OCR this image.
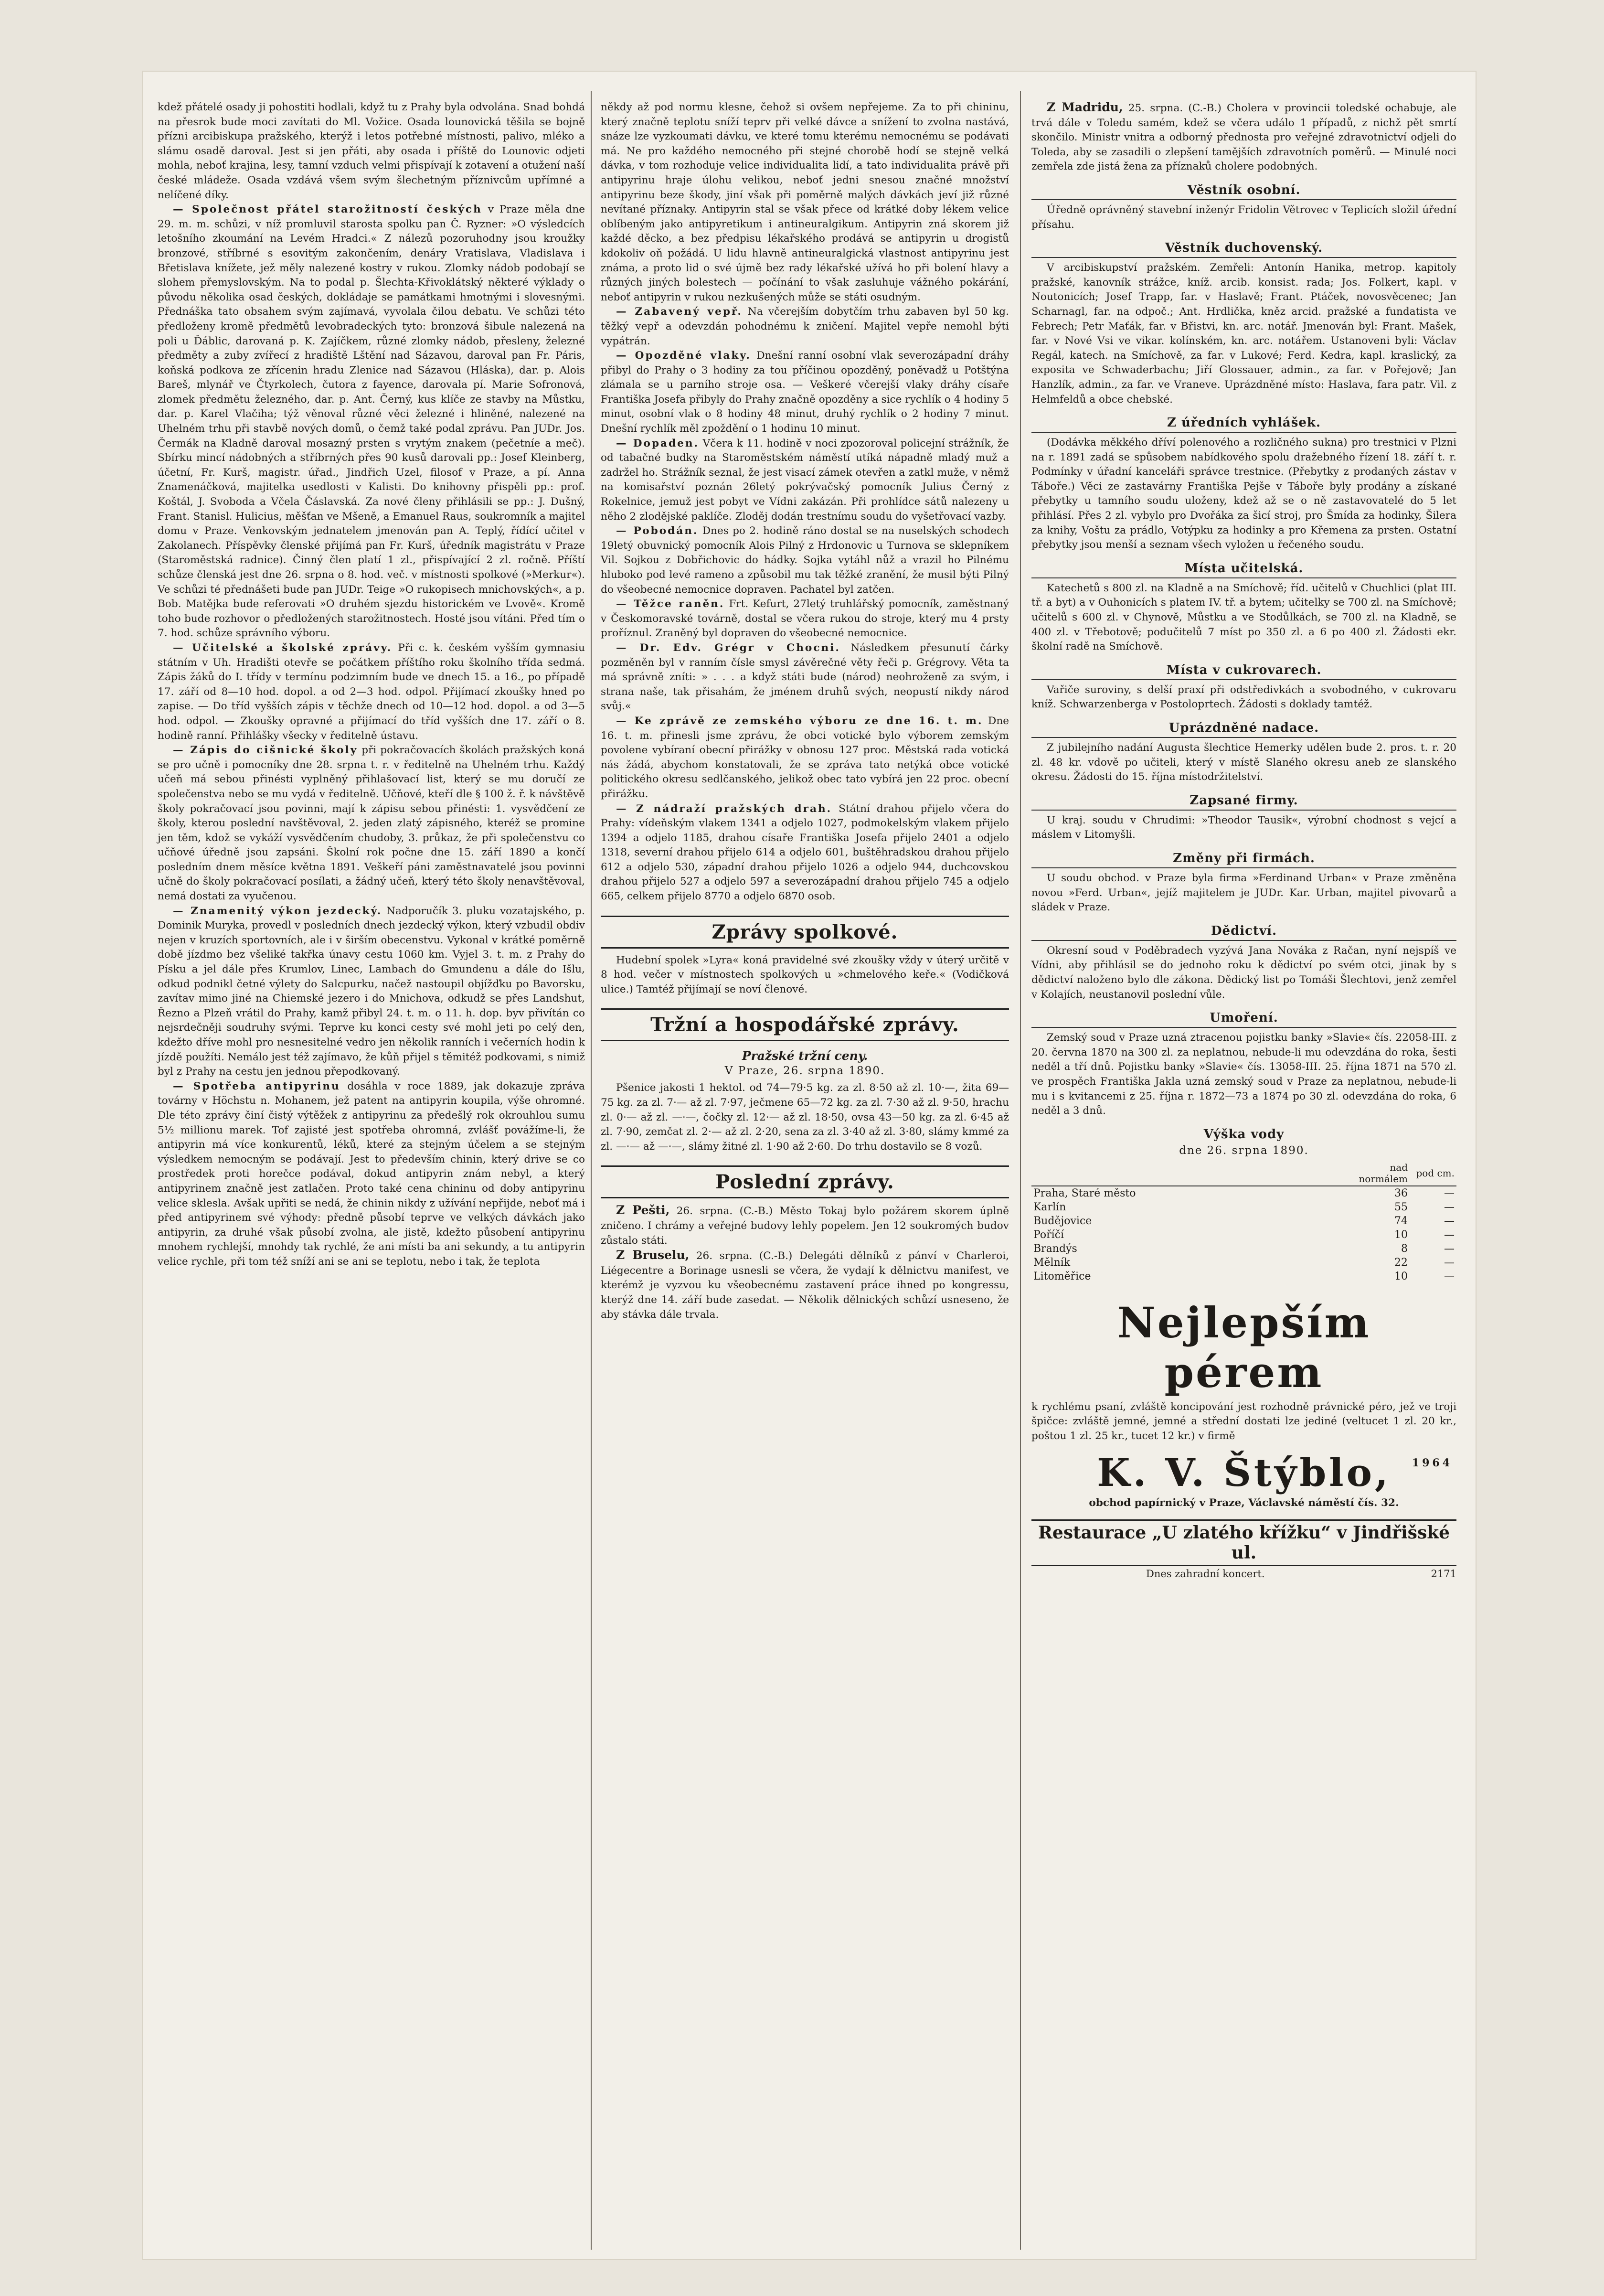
kdež přátelé osady ji pohostiti hodlali, když tu z Prahy byla odvolána. Snad bohdá na přesrok bude moci zavítati do Ml. Vožice. Osada lounovická těšila se bojně přízni arcibiskupa pražského, kterýž i letos potřebné místnosti, palivo, mléko a slámu osadě daroval. Jest si jen přáti, aby osada i příště do Lounovic odjeti mohla, neboť krajina, lesy, tamní vzduch velmi přispívají k zotavení a otužení naší české mládeže. Osada vzdává všem svým šlechetným příznivcům upřímné a nelíčené díky.

— Společnost přátel starožitností českých v Praze měla dne 29. m. m. schůzi, v níž promluvil starosta spolku pan Č. Ryzner: »O výsledcích letošního zkoumání na Levém Hradci.« Z nálezů pozoruhodny jsou kroužky bronzové, stříbrné s esovitým zakončením, denáry Vratislava, Vladislava i Břetislava knížete, jež měly nalezené kostry v rukou. Zlomky nádob podobají se slohem přemyslovským. Na to podal p. Šlechta-Křivoklátský některé výklady o původu několika osad českých, dokládaje se památkami hmotnými i slovesnými. Přednáška tato obsahem svým zajímavá, vyvolala čilou debatu. Ve schůzi této předloženy kromě předmětů levobradeckých tyto: bronzová šibule nalezená na poli u Ďáblic, darovaná p. K. Zajíčkem, různé zlomky nádob, přesleny, železné předměty a zuby zvířecí z hradiště Lštění nad Sázavou, daroval pan Fr. Páris, koňská podkova ze zřícenin hradu Zlenice nad Sázavou (Hláska), dar. p. Alois Bareš, mlynář ve Čtyrkolech, čutora z fayence, darovala pí. Marie Sofronová, zlomek předmětu železného, dar. p. Ant. Černý, kus klíče ze stavby na Můstku, dar. p. Karel Vlačiha; týž věnoval různé věci železné i hliněné, nalezené na Uhelném trhu při stavbě nových domů, o čemž také podal zprávu. Pan JUDr. Jos. Čermák na Kladně daroval mosazný prsten s vrytým znakem (pečetníe a meč). Sbírku mincí nádobných a stříbrných přes 90 kusů darovali pp.: Josef Kleinberg, účetní, Fr. Kurš, magistr. úřad., Jindřich Uzel, filosof v Praze, a pí. Anna Znamenáčková, majitelka usedlosti v Kalisti. Do knihovny přispěli pp.: prof. Koštál, J. Svoboda a Včela Čáslavská. Za nové členy přihlásili se pp.: J. Dušný, Frant. Stanisl. Hulicius, měšťan ve Mšeně, a Emanuel Raus, soukromník a majitel domu v Praze. Venkovským jednatelem jmenován pan A. Teplý, řídící učitel v Zakolanech. Příspěvky členské přijímá pan Fr. Kurš, úředník magistrátu v Praze (Staroměstská radnice). Činný člen platí 1 zl., přispívající 2 zl. ročně. Příští schůze členská jest dne 26. srpna o 8. hod. več. v místnosti spolkové (»Merkur«). Ve schůzi té přednášeti bude pan JUDr. Teige »O rukopisech mnichovských«, a p. Bob. Matějka bude referovati »O druhém sjezdu historickém ve Lvově«. Kromě toho bude rozhovor o předložených starožitnostech. Hosté jsou vítáni. Před tím o 7. hod. schůze správního výboru.

— Učitelské a školské zprávy. Při c. k. českém vyšším gymnasiu státním v Uh. Hradišti otevře se počátkem příštího roku školního třída sedmá. Zápis žáků do I. třídy v termínu podzimním bude ve dnech 15. a 16., po případě 17. září od 8—10 hod. dopol. a od 2—3 hod. odpol. Přijímací zkoušky hned po zapise. — Do tříd vyšších zápis v těchže dnech od 10—12 hod. dopol. a od 3—5 hod. odpol. — Zkoušky opravné a přijímací do tříd vyšších dne 17. září o 8. hodině ranní. Přihlášky všecky v ředitelně ústavu.

— Zápis do cišnické školy při pokračovacích školách pražských koná se pro učně i pomocníky dne 28. srpna t. r. v ředitelně na Uhelném trhu. Každý učeň má sebou přinésti vyplněný přihlašovací list, který se mu doručí ze společenstva nebo se mu vydá v ředitelně. Učňové, kteří dle § 100 ž. ř. k návštěvě školy pokračovací jsou povinni, mají k zápisu sebou přinésti: 1. vysvědčení ze školy, kterou poslední navštěvoval, 2. jeden zlatý zápisného, kteréž se promine jen těm, kdož se vykáží vysvědčením chudoby, 3. průkaz, že při společenstvu co učňové úředně jsou zapsáni. Školní rok počne dne 15. září 1890 a končí posledním dnem měsíce května 1891. Veškeří páni zaměstnavatelé jsou povinni učně do školy pokračovací posílati, a žádný učeň, který této školy nenavštěvoval, nemá dostati za vyučenou.

— Znamenitý výkon jezdecký. Nadporučík 3. pluku vozatajského, p. Dominik Muryka, provedl v posledních dnech jezdecký výkon, který vzbudil obdiv nejen v kruzích sportovních, ale i v širším obecenstvu. Vykonal v krátké poměrně době jízdmo bez všeliké takřka únavy cestu 1060 km. Vyjel 3. t. m. z Prahy do Písku a jel dále přes Krumlov, Linec, Lambach do Gmundenu a dále do Išlu, odkud podnikl četné výlety do Salcpurku, načež nastoupil objížďku po Bavorsku, zavítav mimo jiné na Chiemské jezero i do Mnichova, odkudž se přes Landshut, Řezno a Plzeň vrátil do Prahy, kamž přibyl 24. t. m. o 11. h. dop. byv přivítán co nejsrdečněji soudruhy svými. Teprve ku konci cesty své mohl jeti po celý den, kdežto dříve mohl pro nesnesitelné vedro jen několik ranních i večerních hodin k jízdě použíti. Nemálo jest též zajímavo, že kůň přijel s těmitéž podkovami, s nimiž byl z Prahy na cestu jen jednou přepodkovaný.

— Spotřeba antipyrinu dosáhla v roce 1889, jak dokazuje zpráva továrny v Höchstu n. Mohanem, jež patent na antipyrin koupila, výše ohromné. Dle této zprávy činí čistý výtěžek z antipyrinu za předešlý rok okrouhlou sumu 5½ millionu marek. Tof zajisté jest spotřeba ohromná, zvlášť povážíme-li, že antipyrin má více konkurentů, léků, které za stejným účelem a se stejným výsledkem nemocným se podávají. Jest to především chinin, který drive se co prostředek proti horečce podával, dokud antipyrin znám nebyl, a který antipyrinem značně jest zatlačen. Proto také cena chininu od doby antipyrinu velice sklesla. Avšak upřiti se nedá, že chinin nikdy z užívání nepřijde, neboť má i před antipyrinem své výhody: předně působí teprve ve velkých dávkách jako antipyrin, za druhé však působí zvolna, ale jistě, kdežto působení antipyrinu mnohem rychlejší, mnohdy tak rychlé, že ani místi ba ani sekundy, a tu antipyrin velice rychle, při tom též sníží ani se ani se teplotu, nebo i tak, že teplota

někdy až pod normu klesne, čehož si ovšem nepřejeme. Za to při chininu, který značně teplotu sníží teprv při velké dávce a snížení to zvolna nastává, snáze lze vyzkoumati dávku, ve které tomu kterému nemocnému se podávati má. Ne pro každého nemocného při stejné chorobě hodí se stejně velká dávka, v tom rozhoduje velice individualita lidí, a tato individualita právě při antipyrinu hraje úlohu velikou, neboť jedni snesou značné množství antipyrinu beze škody, jiní však při poměrně malých dávkách jeví již různé nevítané příznaky. Antipyrin stal se však přece od krátké doby lékem velice oblíbeným jako antipyretikum i antineuralgikum. Antipyrin zná skorem již každé děcko, a bez předpisu lékařského prodává se antipyrin u drogistů kdokoliv oň požádá. U lidu hlavně antineuralgická vlastnost antipyrinu jest známa, a proto lid o své újmě bez rady lékařské užívá ho při bolení hlavy a různých jiných bolestech — počínání to však zasluhuje vážného pokárání, neboť antipyrin v rukou nezkušených může se státi osudným.

— Zabavený vepř. Na včerejším dobytčím trhu zabaven byl 50 kg. těžký vepř a odevzdán pohodnému k zničení. Majitel vepře nemohl býti vypátrán.

— Opozděné vlaky. Dnešní ranní osobní vlak severozápadní dráhy přibyl do Prahy o 3 hodiny za tou příčinou opozděný, poněvadž u Potštýna zlámala se u parního stroje osa. — Veškeré včerejší vlaky dráhy císaře Františka Josefa přibyly do Prahy značně opozděny a sice rychlík o 4 hodiny 5 minut, osobní vlak o 8 hodiny 48 minut, druhý rychlík o 2 hodiny 7 minut. Dnešní rychlík měl zpoždění o 1 hodinu 10 minut.

— Dopaden. Včera k 11. hodině v noci zpozoroval policejní strážník, že od tabačné budky na Staroměstském náměstí utíká nápadně mladý muž a zadržel ho. Strážník seznal, že jest visací zámek otevřen a zatkl muže, v němž na komisařství poznán 26letý pokrývačský pomocník Julius Černý z Rokelnice, jemuž jest pobyt ve Vídni zakázán. Při prohlídce sátů nalezeny u něho 2 zlodějské paklíče. Zloděj dodán trestnímu soudu do vyšetřovací vazby.

— Pobodán. Dnes po 2. hodině ráno dostal se na nuselských schodech 19letý obuvnický pomocník Alois Pilný z Hrdonovic u Turnova se sklepníkem Vil. Sojkou z Dobřichovic do hádky. Sojka vytáhl nůž a vrazil ho Pilnému hluboko pod levé rameno a způsobil mu tak těžké zranění, že musil býti Pilný do všeobecné nemocnice dopraven. Pachatel byl zatčen.

— Těžce raněn. Frt. Kefurt, 27letý truhlářský pomocník, zaměstnaný v Českomoravské továrně, dostal se včera rukou do stroje, který mu 4 prsty proříznul. Zraněný byl dopraven do všeobecné nemocnice.

— Dr. Edv. Grégr v Chocni. Následkem přesunutí čárky pozměněn byl v ranním čísle smysl závěrečné věty řeči p. Grégrovy. Věta ta má správně zníti: » . . . a když státi bude (národ) neohroženě za svým, i strana naše, tak přisahám, že jménem druhů svých, neopustí nikdy národ svůj.«

— Ke zprávě ze zemského výboru ze dne 16. t. m. Dne 16. t. m. přinesli jsme zprávu, že obci votické bylo výborem zemským povolene vybíraní obecní přirážky v obnosu 127 proc. Městská rada votická nás žádá, abychom konstatovali, že se zpráva tato netýká obce votické politického okresu sedlčanského, jelikož obec tato vybírá jen 22 proc. obecní přirážku.

— Z nádraží pražských drah. Státní drahou přijelo včera do Prahy: vídeňským vlakem 1341 a odjelo 1027, podmokelským vlakem přijelo 1394 a odjelo 1185, drahou císaře Františka Josefa přijelo 2401 a odjelo 1318, severní drahou přijelo 614 a odjelo 601, buštěhradskou drahou přijelo 612 a odjelo 530, západní drahou přijelo 1026 a odjelo 944, duchcovskou drahou přijelo 527 a odjelo 597 a severozápadní drahou přijelo 745 a odjelo 665, celkem přijelo 8770 a odjelo 6870 osob.

Zprávy spolkové.

Hudební spolek »Lyra« koná pravidelné své zkoušky vždy v úterý určitě v 8 hod. večer v místnostech spolkových u »chmelového keře.« (Vodičková ulice.) Tamtéž přijímají se noví členové.

Tržní a hospodářské zprávy.
Pražské tržní ceny.
V Praze, 26. srpna 1890.

Pšenice jakosti 1 hektol. od 74—79·5 kg. za zl. 8·50 až zl. 10·—, žita 69—75 kg. za zl. 7·— až zl. 7·97, ječmene 65—72 kg. za zl. 7·30 až zl. 9·50, hrachu zl. 0·— až zl. —·—, čočky zl. 12·— až zl. 18·50, ovsa 43—50 kg. za zl. 6·45 až zl. 7·90, zemčat zl. 2·— až zl. 2·20, sena za zl. 3·40 až zl. 3·80, slámy kmmé za zl. —·— až —·—, slámy žitné zl. 1·90 až 2·60. Do trhu dostavilo se 8 vozů.

Poslední zprávy.

Z Pešti, 26. srpna. (C.-B.) Město Tokaj bylo požárem skorem úplně zničeno. I chrámy a veřejné budovy lehly popelem. Jen 12 soukromých budov zůstalo státi.

Z Bruselu, 26. srpna. (C.-B.) Delegáti dělníků z pánví v Charleroi, Liégecentre a Borinage usnesli se včera, že vydají k dělnictvu manifest, ve kterémž je vyzvou ku všeobecnému zastavení práce ihned po kongressu, kterýž dne 14. září bude zasedat. — Několik dělnických schůzí usneseno, že aby stávka dále trvala.

Z Madridu, 25. srpna. (C.-B.) Cholera v provincii toledské ochabuje, ale trvá dále v Toledu samém, kdež se včera událo 1 případů, z nichž pět smrtí skončilo. Ministr vnitra a odborný přednosta pro veřejné zdravotnictví odjeli do Toleda, aby se zasadili o zlepšení tamějších zdravotních poměrů. — Minulé noci zemřela zde jistá žena za příznaků cholere podobných.

Věstník osobní.

Úředně oprávněný stavební inženýr Fridolin Větrovec v Teplicích složil úřední přísahu.

Věstník duchovenský.

V arcibiskupství pražském. Zemřeli: Antonín Hanika, metrop. kapitoly pražské, kanovník strážce, kníž. arcib. konsist. rada; Jos. Folkert, kapl. v Noutonicích; Josef Trapp, far. v Haslavě; Frant. Ptáček, novosvěcenec; Jan Scharnagl, far. na odpoč.; Ant. Hrdlička, kněz arcid. pražské a fundatista ve Febrech; Petr Maťák, far. v Břistvi, kn. arc. notář. Jmenován byl: Frant. Mašek, far. v Nové Vsi ve vikar. kolínském, kn. arc. notářem. Ustanoveni byli: Václav Regál, katech. na Smíchově, za far. v Lukové; Ferd. Kedra, kapl. kraslický, za exposita ve Schwaderbachu; Jiří Glossauer, admin., za far. v Pořejově; Jan Hanzlík, admin., za far. ve Vraneve. Uprázdněné místo: Haslava, fara patr. Vil. z Helmfeldů a obce chebské.

Z úředních vyhlášek.

(Dodávka měkkého dříví polenového a rozličného sukna) pro trestnici v Plzni na r. 1891 zadá se spůsobem nabídkového spolu dražebného řízení 18. září t. r. Podmínky v úřadní kanceláři správce trestnice. (Přebytky z prodaných zástav v Táboře.) Věci ze zastavárny Františka Pejše v Táboře byly prodány a získané přebytky u tamního soudu uloženy, kdež až se o ně zastavovatelé do 5 let přihlásí. Přes 2 zl. vybylo pro Dvořáka za šicí stroj, pro Šmída za hodinky, Šilera za knihy, Voštu za prádlo, Votýpku za hodinky a pro Křemena za prsten. Ostatní přebytky jsou menší a seznam všech vyložen u řečeného soudu.

Místa učitelská.

Katechetů s 800 zl. na Kladně a na Smíchově; říd. učitelů v Chuchlici (plat III. tř. a byt) a v Ouhonicích s platem IV. tř. a bytem; učitelky se 700 zl. na Smíchově; učitelů s 600 zl. v Chynově, Můstku a ve Stodůlkách, se 700 zl. na Kladně, se 400 zl. v Třebotově; podučitelů 7 míst po 350 zl. a 6 po 400 zl. Žádosti ekr. školní radě na Smíchově.

Místa v cukrovarech.

Vařiče suroviny, s delší praxí při odstředivkách a svobodného, v cukrovaru kníž. Schwarzenberga v Postoloprtech. Žádosti s doklady tamtéž.

Uprázdněné nadace.

Z jubilejního nadání Augusta šlechtice Hemerky udělen bude 2. pros. t. r. 20 zl. 48 kr. vdově po učiteli, který v místě Slaného okresu aneb ze slanského okresu. Žádosti do 15. října místodržitelství.

Zapsané firmy.

U kraj. soudu v Chrudimi: »Theodor Tausik«, výrobní chodnost s vejcí a máslem v Litomyšli.

Změny při firmách.

U soudu obchod. v Praze byla firma »Ferdinand Urban« v Praze změněna novou »Ferd. Urban«, jejíž majitelem je JUDr. Kar. Urban, majitel pivovarů a sládek v Praze.

Dědictví.

Okresní soud v Poděbradech vyzývá Jana Nováka z Račan, nyní nejspíš ve Vídni, aby přihlásil se do jednoho roku k dědictví po svém otci, jinak by s dědictví naloženo bylo dle zákona. Dědický list po Tomáši Šlechtovi, jenž zemřel v Kolajích, neustanovil poslední vůle.

Umoření.

Zemský soud v Praze uzná ztracenou pojistku banky »Slavie« čís. 22058-III. z 20. června 1870 na 300 zl. za neplatnou, nebude-li mu odevzdána do roka, šesti neděl a tří dnů. Pojistku banky »Slavie« čís. 13058-III. 25. října 1871 na 570 zl. ve prospěch Františka Jakla uzná zemský soud v Praze za neplatnou, nebude-li mu i s kvitancemi z 25. října r. 1872—73 a 1874 po 30 zl. odevzdána do roka, 6 neděl a 3 dnů.

Výška vody
dne 26. srpna 1890.
	nad normálem	pod cm.
Praha, Staré město	36	—
Karlín	55	—
Budějovice	74	—
Poříčí	10	—
Brandýs	8	—
Mělník	22	—
Litoměřice	10	—
Nejlepším pérem

k rychlému psaní, zvláště koncipování jest rozhodně právnické péro, jež ve troji špičce: zvláště jemné, jemné a střední dostati lze jediné (veltucet 1 zl. 20 kr., poštou 1 zl. 25 kr., tucet 12 kr.) v firmě

K. V. Štýblo, 1964

obchod papírnický v Praze, Václavské náměstí čís. 32.

Restaurace „U zlatého křížku“ v Jindřišské ul.
Dnes zahradní koncert.	2171
